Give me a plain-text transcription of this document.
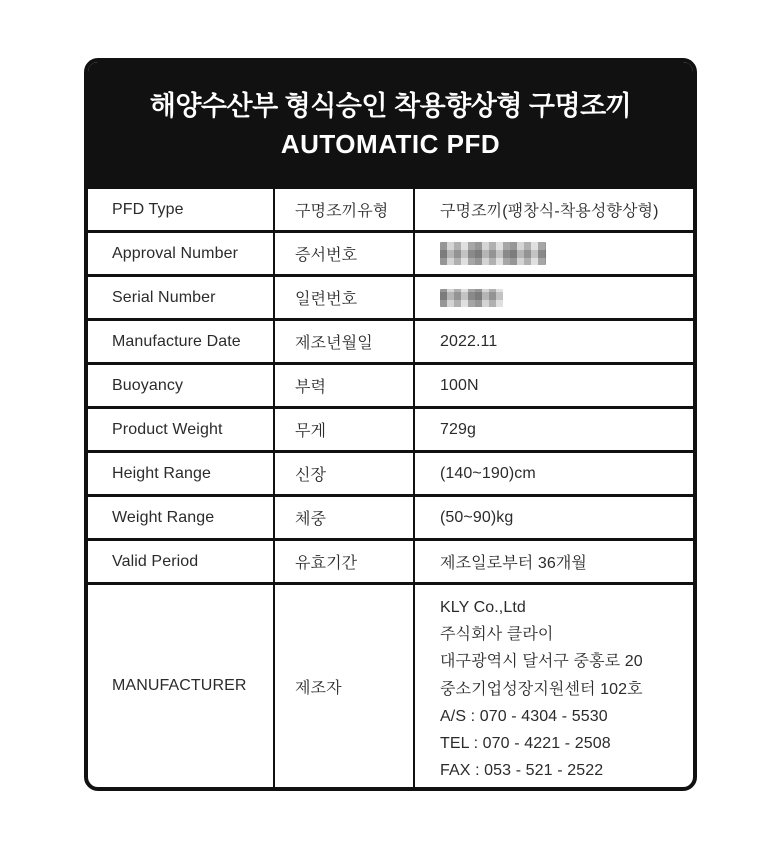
해양수산부 형식승인 착용향상형 구명조끼
AUTOMATIC PFD
PFD Type	구명조끼유형	구명조끼(팽창식-착용성향상형)
Approval Number	증서번호
Serial Number	일련번호
Manufacture Date	제조년월일	2022.11
Buoyancy	부력	100N
Product Weight	무게	729g
Height Range	신장	(140~190)cm
Weight Range	체중	(50~90)kg
Valid Period	유효기간	제조일로부터 36개월
MANUFACTURER	제조자
KLY Co.,Ltd
주식회사 클라이
대구광역시 달서구 중홍로 20
중소기업성장지원센터 102호
A/S : 070 - 4304 - 5530
TEL : 070 - 4221 - 2508
FAX : 053 - 521 - 2522
